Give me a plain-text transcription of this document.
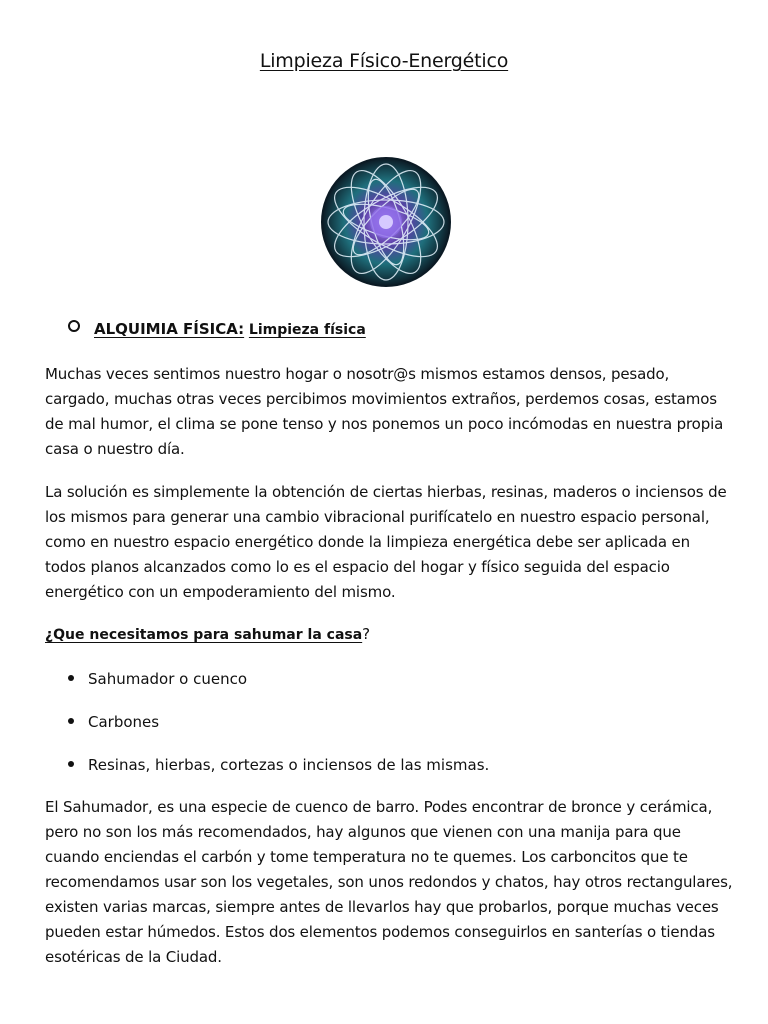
Limpieza Físico-Energético
ALQUIMIA FÍSICA: Limpieza física
Muchas veces sentimos nuestro hogar o nosotr@s mismos estamos densos, pesado, cargado, muchas otras veces percibimos movimientos extraños, perdemos cosas, estamos de mal humor, el clima se pone tenso y nos ponemos un poco incómodas en nuestra propia casa o nuestro día.
La solución es simplemente la obtención de ciertas hierbas, resinas, maderos o inciensos de los mismos para generar una cambio vibracional purifícatelo en nuestro espacio personal, como en nuestro espacio energético donde la limpieza energética debe ser aplicada en todos planos alcanzados como lo es el espacio del hogar y físico seguida del espacio energético con un empoderamiento del mismo.
¿Que necesitamos para sahumar la casa?
Sahumador o cuenco
Carbones
Resinas, hierbas, cortezas o inciensos de las mismas.
El Sahumador, es una especie de cuenco de barro. Podes encontrar de bronce y cerámica, pero no son los más recomendados, hay algunos que vienen con una manija para que cuando enciendas el carbón y tome temperatura no te quemes. Los carboncitos que te recomendamos usar son los vegetales, son unos redondos y chatos, hay otros rectangulares, existen varias marcas, siempre antes de llevarlos hay que probarlos, porque muchas veces pueden estar húmedos. Estos dos elementos podemos conseguirlos en santerías o tiendas esotéricas de la Ciudad.
